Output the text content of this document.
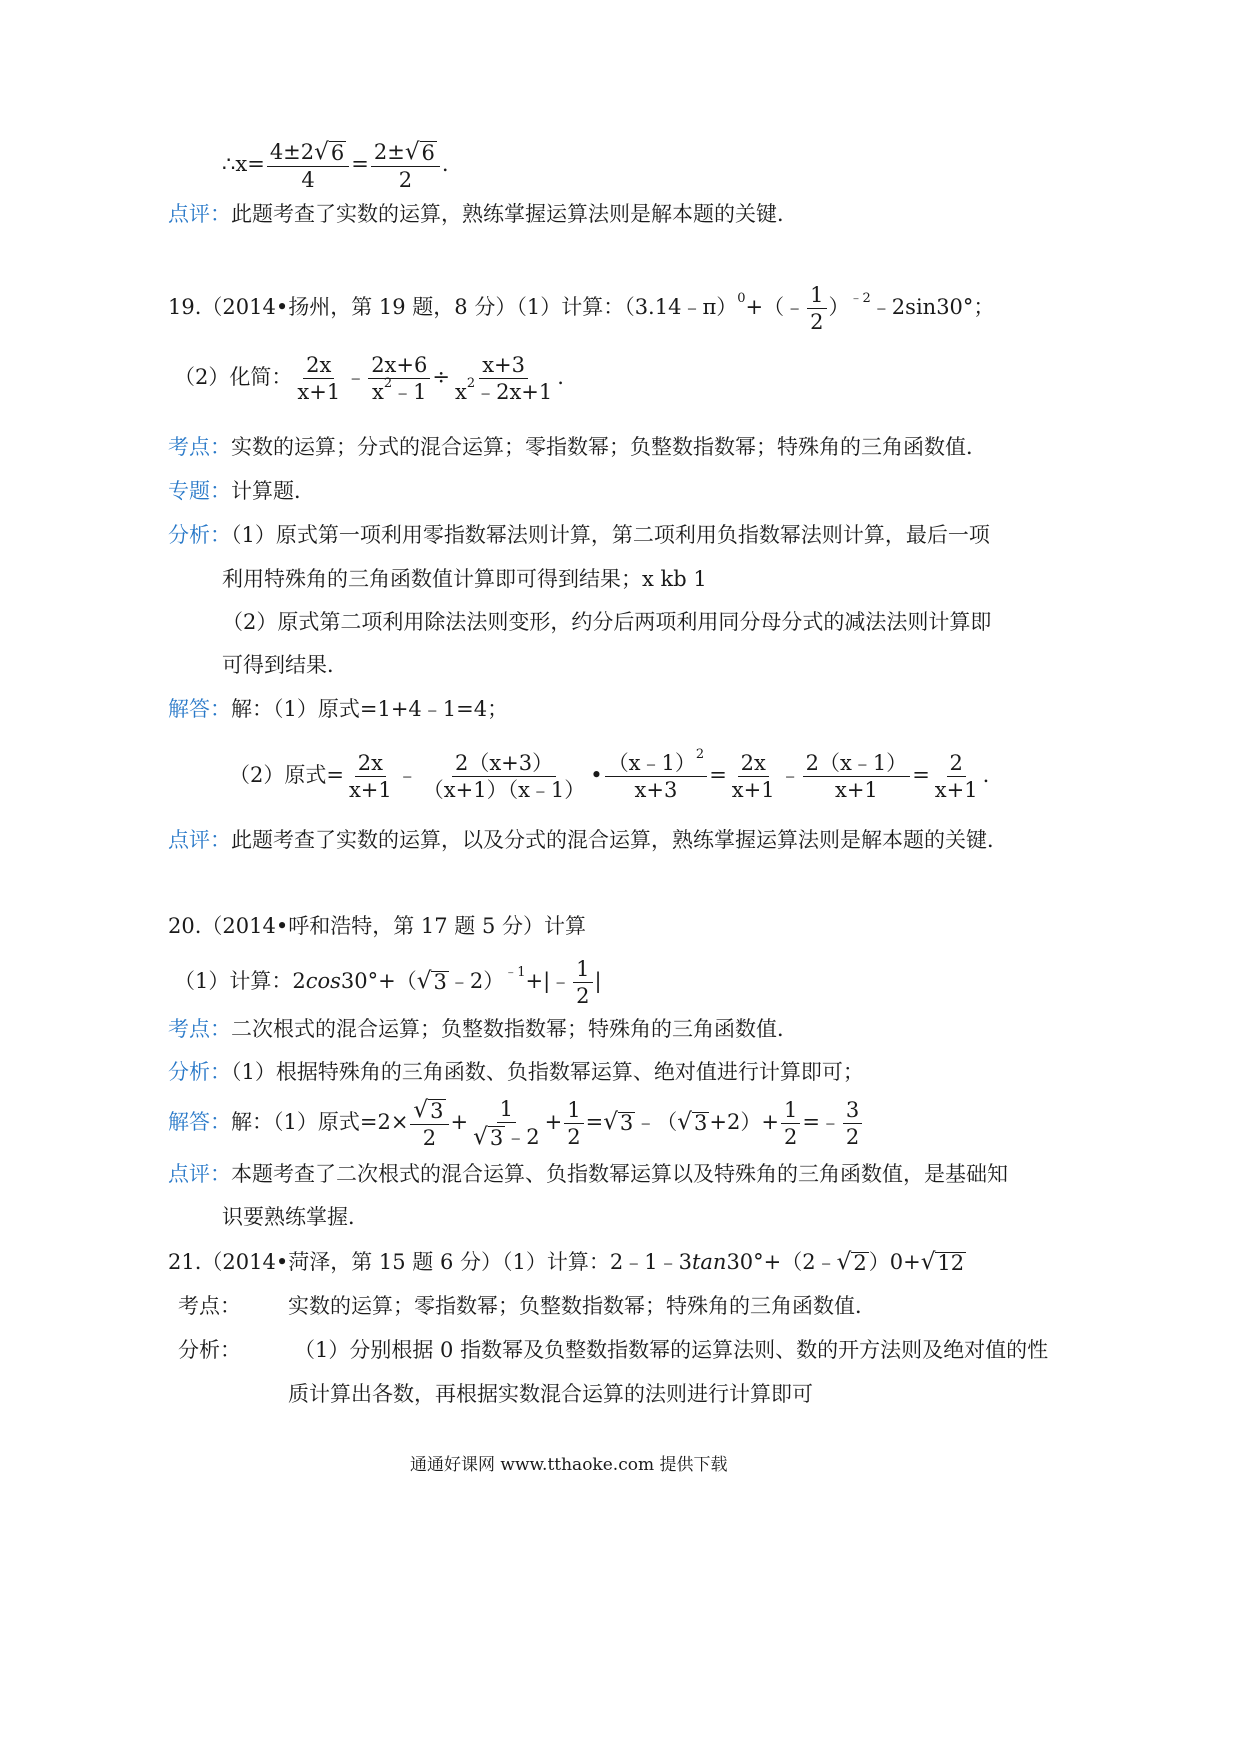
∴x= $\frac{4\pm 2 √ 6}{4} = \frac{2\pm √ 6}{2}$ .
点评：此题考查了实数的运算，熟练掌握运算法则是解本题的关键．
19.（2014•扬州，第 19 题，8 分）（1）计算：（3.14﹣π）$^0$+（﹣ $\frac{1}{2}$ ）$^{﹣2}$﹣2sin30°；
（2）化简： $\frac{2x}{x+1}$ ﹣ $\frac{2x+6}{x^2﹣1} \div \frac{x+3}{x^2﹣2x+1}$ .
考点：实数的运算；分式的混合运算；零指数幂；负整数指数幂；特殊角的三角函数值．
专题：计算题．
分析：（1）原式第一项利用零指数幂法则计算，第二项利用负指数幂法则计算，最后一项
利用特殊角的三角函数值计算即可得到结果；x kb 1
（2）原式第二项利用除法法则变形，约分后两项利用同分母分式的减法法则计算即
可得到结果．
解答：解：（1）原式=1+4﹣1=4；
（2）原式= $\frac{2x}{x+1}$ ﹣ $\frac{2(x+3)}{(x+1)(x﹣1)}$ • $\frac{(x﹣1)^2}{x+3} = \frac{2x}{x+1}$ ﹣ $\frac{2(x﹣1)}{x+1} = \frac{2}{x+1}$ .
点评：此题考查了实数的运算，以及分式的混合运算，熟练掌握运算法则是解本题的关键．
20.（2014•呼和浩特，第 17 题 5 分）计算
（1）计算：2cos30°+（ √ 3 ﹣2）$^{﹣1}$+|﹣ $\frac{1}{2}$ |
考点：二次根式的混合运算；负整数指数幂；特殊角的三角函数值．
分析：（1）根据特殊角的三角函数、负指数幂运算、绝对值进行计算即可；
解答：解：（1）原式$=2\times \frac{√ 3}{2} + \frac{1}{√ 3 ﹣2} + \frac{1}{2}$ = √ 3 ﹣（ √ $3 +2)+ \frac{1}{2}$ =﹣ $\frac{3}{2}$
点评：本题考查了二次根式的混合运算、负指数幂运算以及特殊角的三角函数值，是基础知
识要熟练掌握．
21.（2014•菏泽，第 15 题 6 分）（1）计算：2﹣1﹣3tan30°+（2﹣ √ 2 ）0+ √ 12
考点： 实数的运算；零指数幂；负整数指数幂；特殊角的三角函数值．
分析：	（1）分别根据 0 指数幂及负整数指数幂的运算法则、数的开方法则及绝对值的性
质计算出各数，再根据实数混合运算的法则进行计算即可
通通好课网 www.tthaoke.com 提供下载
